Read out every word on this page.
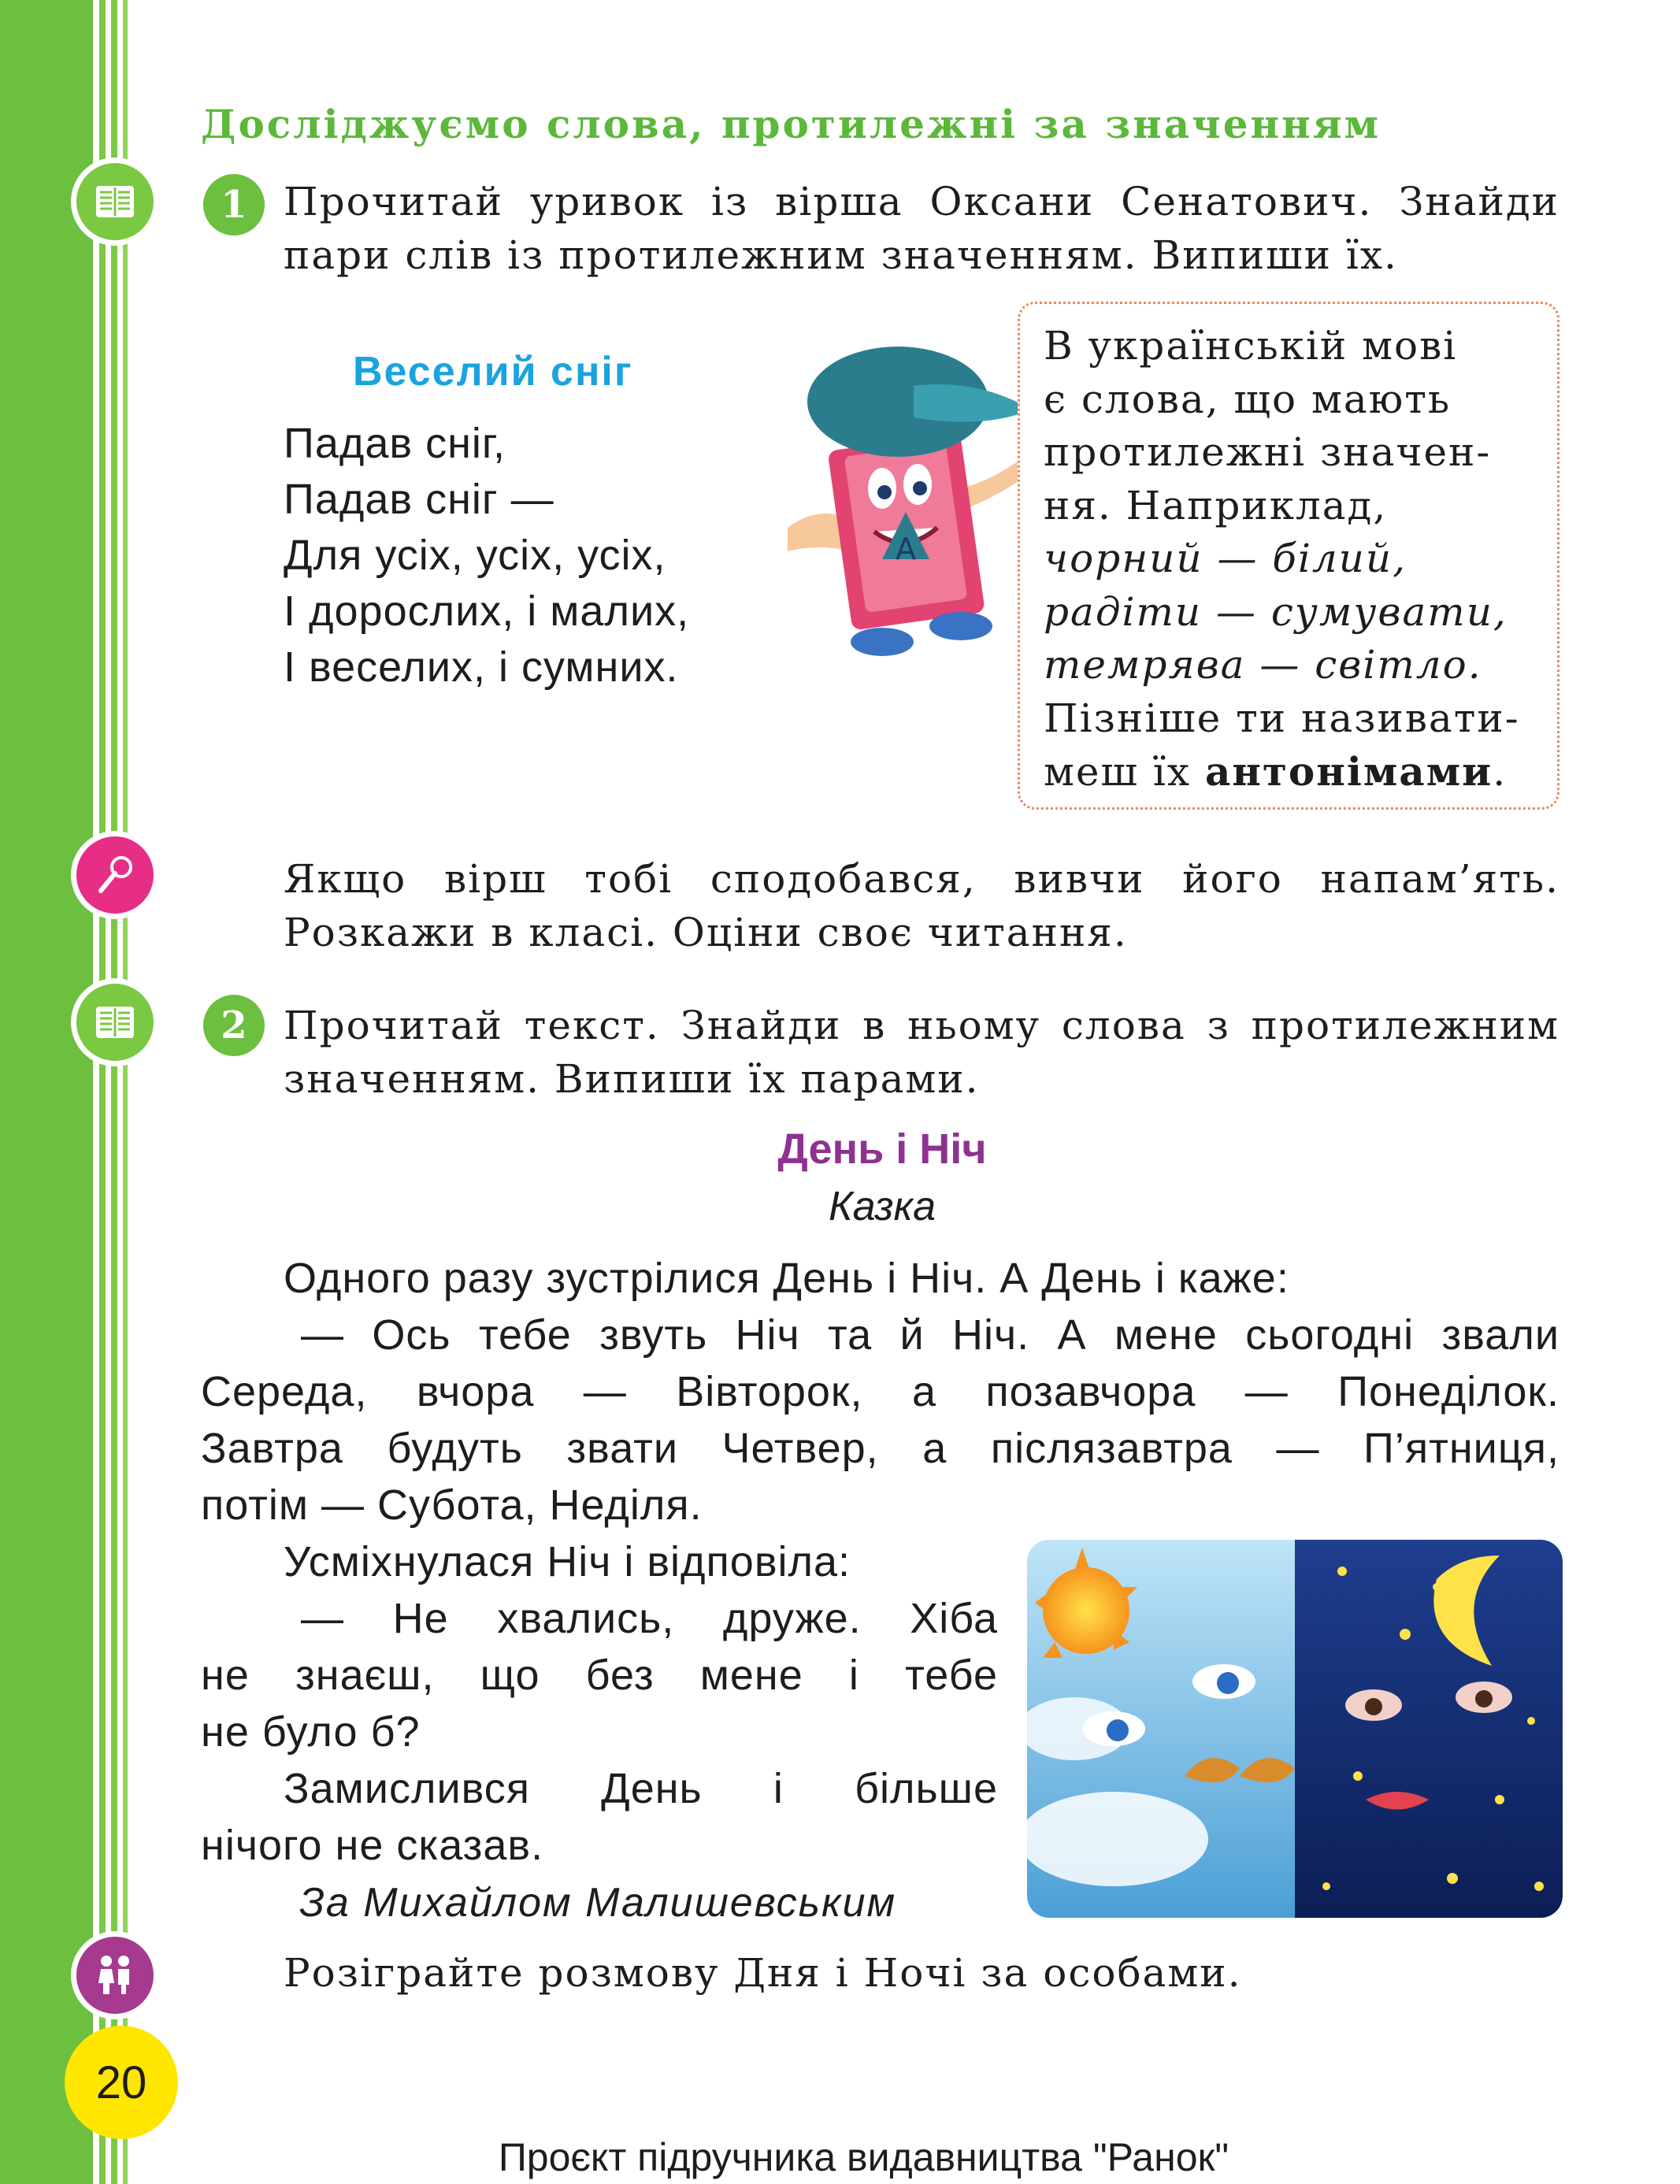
20
Досліджуємо слова, протилежні за значенням
1 Прочитай уривок із вірша Оксани Сенатович. Знайди
пари слів із протилежним значенням. Випиши їх.
Веселий сніг
Падав сніг,
Падав сніг —
Для усіх, усіх, усіх,
І дорослих, і малих,
І веселих, і сумних.
A
В українській мові
є слова, що мають
протилежні значен-
ня. Наприклад,
чорний — білий,
радіти — сумувати,
темрява — світло.
Пізніше ти називати-
меш їх антонімами.
Якщо вірш тобі сподобався, вивчи його напам’ять.
Розкажи в класі. Оціни своє читання.
2 Прочитай текст. Знайди в ньому слова з протилежним
значенням. Випиши їх парами.
День і Ніч
Казка
Одного разу зустрілися День і Ніч. А День і каже:
— Ось тебе звуть Ніч та й Ніч. А мене сьогодні звали
Середа, вчора — Вівторок, а позавчора — Понеділок.
Завтра будуть звати Четвер, а післязавтра — П’ятниця,
потім — Субота, Неділя.
Усміхнулася Ніч і відповіла:
— Не хвались, друже. Хіба
не знаєш, що без мене і тебе
не було б?
Замислився День і більше
нічого не сказав.
За Михайлом Малишевським
Розіграйте розмову Дня і Ночі за особами.
Проєкт підручника видавництва "Ранок"
